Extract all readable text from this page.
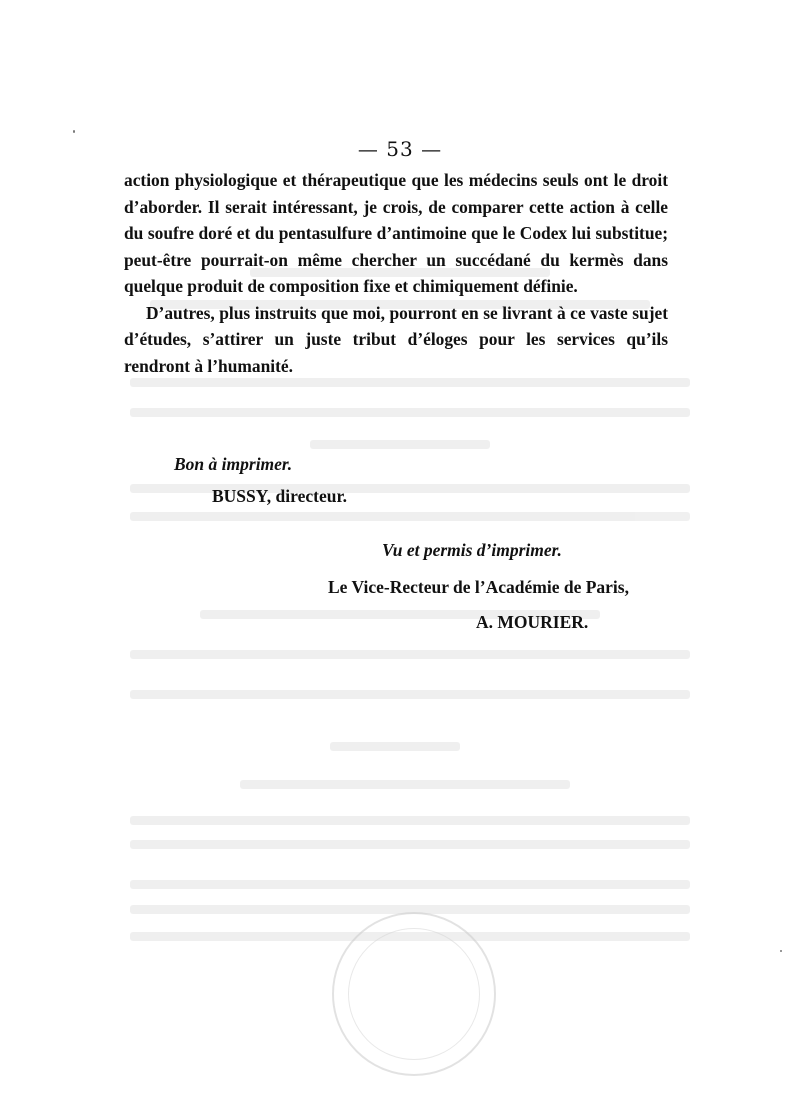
— 53 —

action physiologique et thérapeutique que les médecins seuls ont le droit d’aborder. Il serait intéressant, je crois, de comparer cette action à celle du soufre doré et du pentasulfure d’antimoine que le Codex lui substitue; peut-être pourrait-on même chercher un succédané du kermès dans quelque produit de composition fixe et chimiquement définie.

D’autres, plus instruits que moi, pourront en se livrant à ce vaste sujet d’études, s’attirer un juste tribut d’éloges pour les services qu’ils rendront à l’humanité.

Bon à imprimer.
BUSSY, directeur.
Vu et permis d’imprimer.
Le Vice-Recteur de l’Académie de Paris,
A. MOURIER.
